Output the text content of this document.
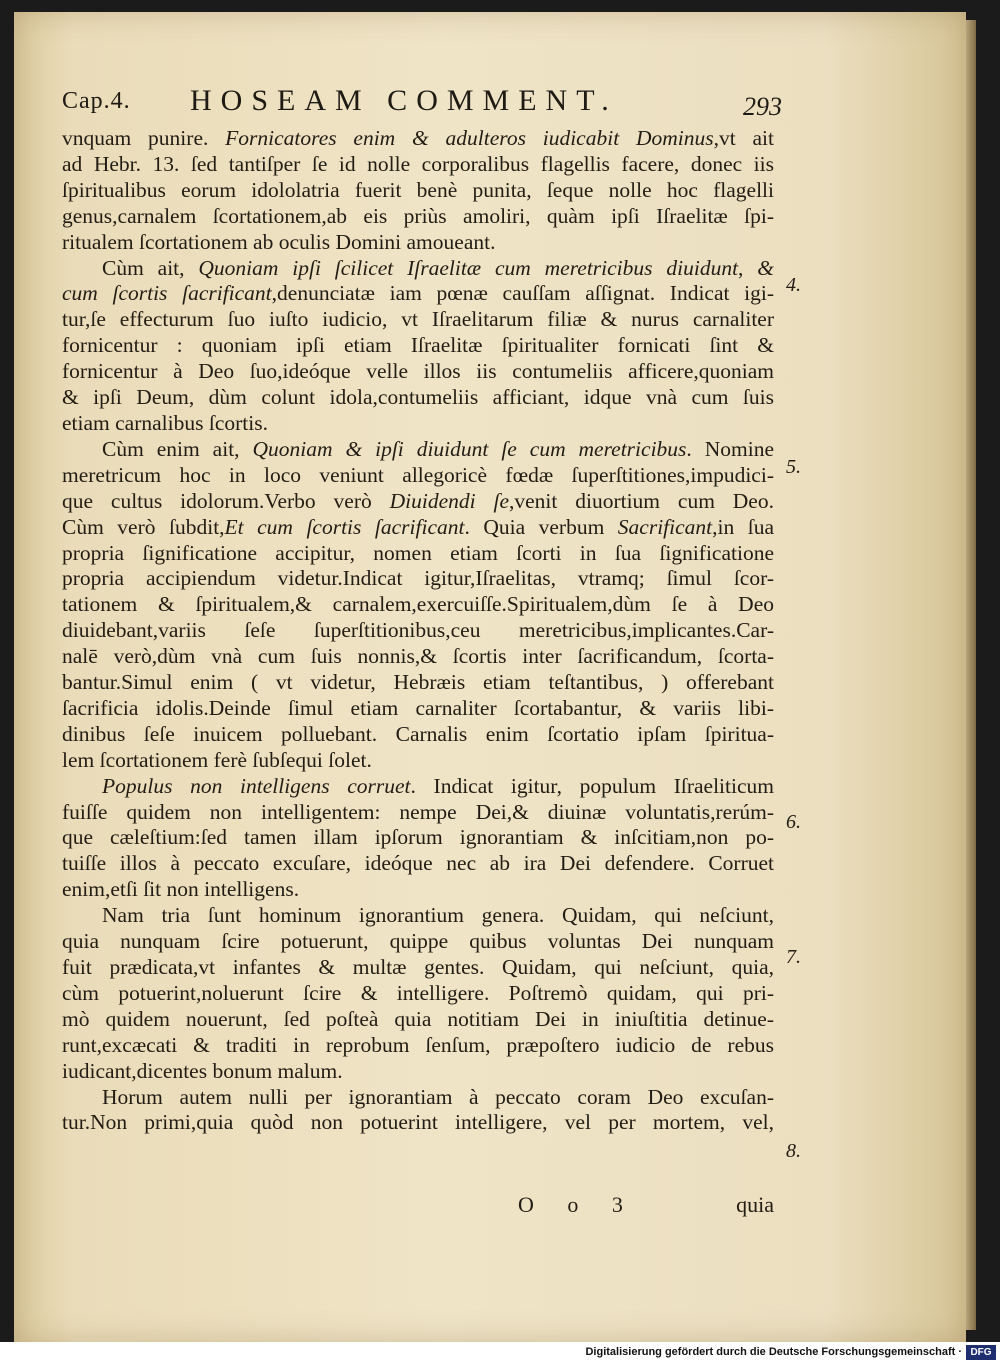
Cap.4. HOSEAM COMMENT.	293
vnquam punire. Fornicatores enim & adulteros iudicabit Dominus,vt ait
ad Hebr. 13. ſed tantiſper ſe id nolle corporalibus flagellis facere, donec iis
ſpiritualibus eorum idololatria fuerit benè punita, ſeque nolle hoc flagelli
genus,carnalem ſcortationem,ab eis priùs amoliri, quàm ipſi Iſraelitæ ſpi-
ritualem ſcortationem ab oculis Domini amoueant.
Cùm ait, Quoniam ipſi ſcilicet Iſraelitæ cum meretricibus diuidunt, &
cum ſcortis ſacrificant,denunciatæ iam pœnæ cauſſam aſſignat. Indicat igi-
tur,ſe effecturum ſuo iuſto iudicio, vt Iſraelitarum filiæ & nurus carnaliter
fornicentur : quoniam ipſi etiam Iſraelitæ ſpiritualiter fornicati ſint &
fornicentur à Deo ſuo,ideóque velle illos iis contumeliis afficere,quoniam
& ipſi Deum, dùm colunt idola,contumeliis afficiant, idque vnà cum ſuis
etiam carnalibus ſcortis.
Cùm enim ait, Quoniam & ipſi diuidunt ſe cum meretricibus. Nomine
meretricum hoc in loco veniunt allegoricè fœdæ ſuperſtitiones,impudici-
que cultus idolorum.Verbo verò Diuidendi ſe,venit diuortium cum Deo.
Cùm verò ſubdit,Et cum ſcortis ſacrificant. Quia verbum Sacrificant,in ſua
propria ſignificatione accipitur, nomen etiam ſcorti in ſua ſignificatione
propria accipiendum videtur.Indicat igitur,Iſraelitas, vtramq; ſimul ſcor-
tationem & ſpiritualem,& carnalem,exercuiſſe.Spiritualem,dùm ſe à Deo
diuidebant,variis ſeſe ſuperſtitionibus,ceu meretricibus,implicantes.Car-
nalē verò,dùm vnà cum ſuis nonnis,& ſcortis inter ſacrificandum, ſcorta-
bantur.Simul enim ( vt videtur, Hebræis etiam teſtantibus, ) offerebant
ſacrificia idolis.Deinde ſimul etiam carnaliter ſcortabantur, & variis libi-
dinibus ſeſe inuicem polluebant. Carnalis enim ſcortatio ipſam ſpiritua-
lem ſcortationem ferè ſubſequi ſolet.
Populus non intelligens corruet. Indicat igitur, populum Iſraeliticum
fuiſſe quidem non intelligentem: nempe Dei,& diuinæ voluntatis,rerúm-
que cæleſtium:ſed tamen illam ipſorum ignorantiam & inſcitiam,non po-
tuiſſe illos à peccato excuſare, ideóque nec ab ira Dei defendere. Corruet
enim,etſi ſit non intelligens.
Nam tria ſunt hominum ignorantium genera. Quidam, qui neſciunt,
quia nunquam ſcire potuerunt, quippe quibus voluntas Dei nunquam
fuit prædicata,vt infantes & multæ gentes. Quidam, qui neſciunt, quia,
cùm potuerint,noluerunt ſcire & intelligere. Poſtremò quidam, qui pri-
mò quidem nouerunt, ſed poſteà quia notitiam Dei in iniuſtitia detinue-
runt,excæcati & traditi in reprobum ſenſum, præpoſtero iudicio de rebus
iudicant,dicentes bonum malum.
Horum autem nulli per ignorantiam à peccato coram Deo excuſan-
tur.Non primi,quia quòd non potuerint intelligere, vel per mortem, vel,
4.
5.
6.
7.
8.
O o 3	quia
Digitalisierung gefördert durch die Deutsche Forschungsgemeinschaft · DFG
